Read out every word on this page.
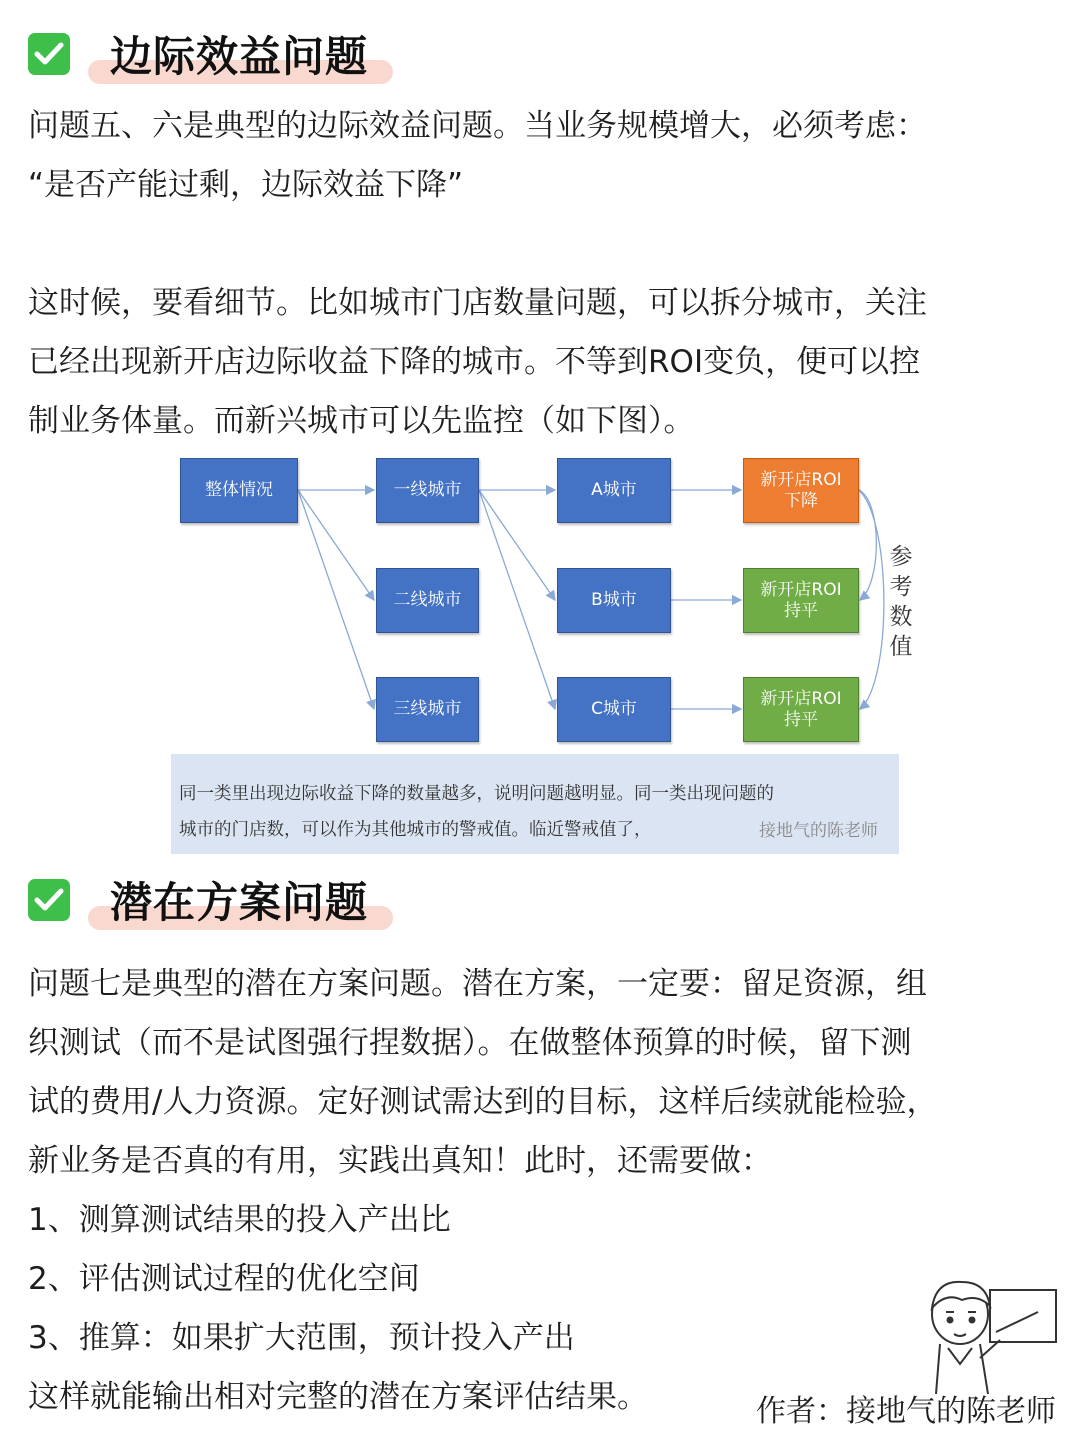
边际效益问题
问题五、六是典型的边际效益问题。当业务规模增大，必须考虑：
“是否产能过剩，边际效益下降”
这时候，要看细节。比如城市门店数量问题，可以拆分城市，关注
已经出现新开店边际收益下降的城市。不等到ROI变负，便可以控
制业务体量。而新兴城市可以先监控（如下图）。
整体情况	一线城市
二线城市
三线城市
A城市
B城市
C城市
新开店ROI
下降
新开店ROI
持平
新开店ROI
持平
参
考
数
值
同一类里出现边际收益下降的数量越多，说明问题越明显。同一类出现问题的
城市的门店数，可以作为其他城市的警戒值。临近警戒值了，	接地气的陈老师
潜在方案问题
问题七是典型的潜在方案问题。潜在方案，一定要：留足资源，组
织测试（而不是试图强行捏数据）。在做整体预算的时候，留下测
试的费用/人力资源。定好测试需达到的目标，这样后续就能检验，
新业务是否真的有用，实践出真知！此时，还需要做：
1、测算测试结果的投入产出比
2、评估测试过程的优化空间
3、推算：如果扩大范围，预计投入产出
这样就能输出相对完整的潜在方案评估结果。	作者：接地气的陈老师
